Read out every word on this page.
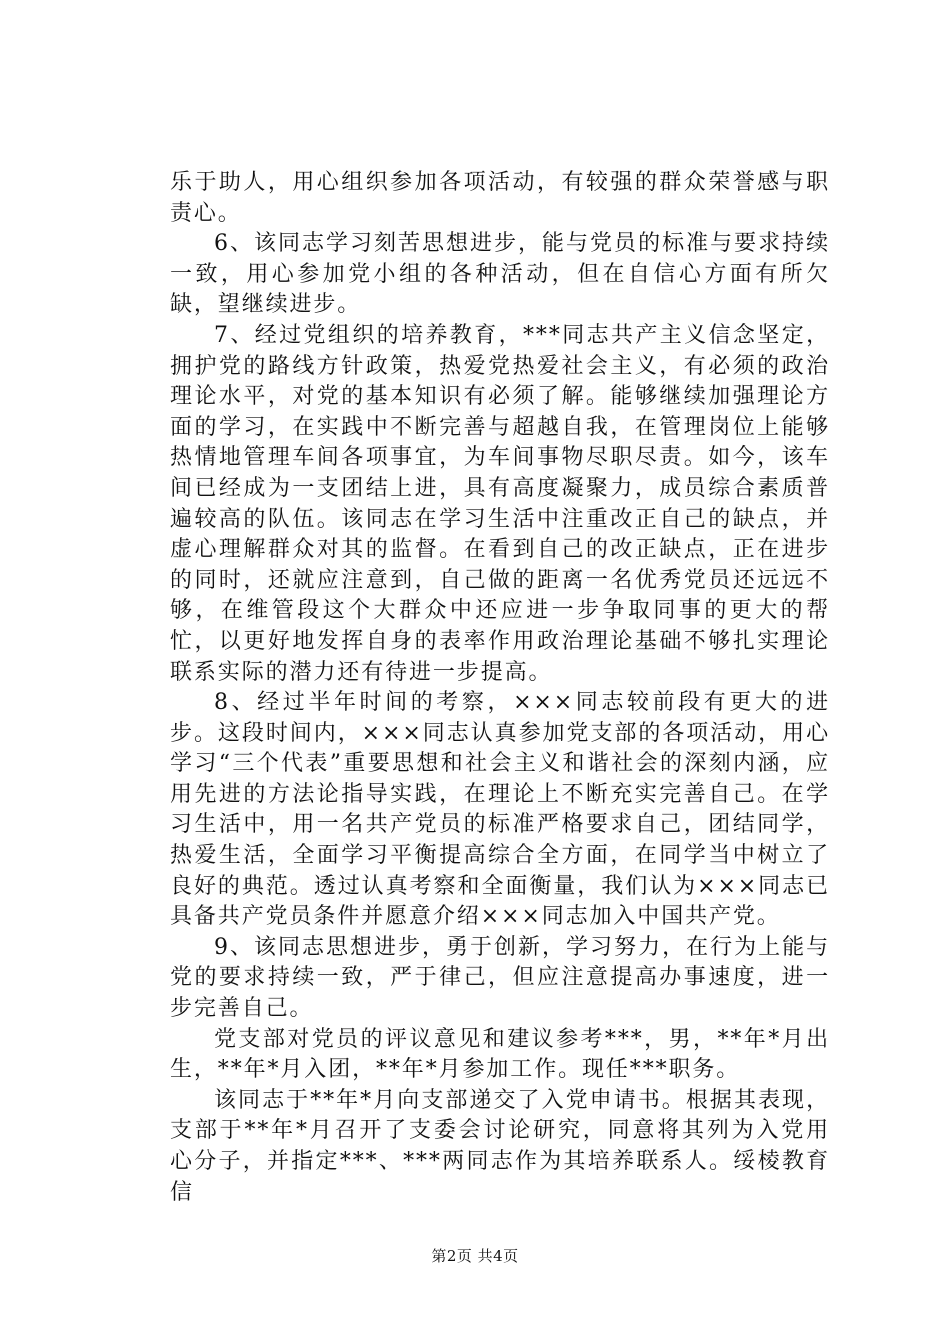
乐于助人，用心组织参加各项活动，有较强的群众荣誉感与职责心。

6、该同志学习刻苦思想进步，能与党员的标准与要求持续一致，用心参加党小组的各种活动，但在自信心方面有所欠缺，望继续进步。

7、经过党组织的培养教育，***同志共产主义信念坚定，拥护党的路线方针政策，热爱党热爱社会主义，有必须的政治理论水平，对党的基本知识有必须了解。能够继续加强理论方面的学习，在实践中不断完善与超越自我，在管理岗位上能够热情地管理车间各项事宜，为车间事物尽职尽责。如今，该车间已经成为一支团结上进，具有高度凝聚力，成员综合素质普遍较高的队伍。该同志在学习生活中注重改正自己的缺点，并虚心理解群众对其的监督。在看到自己的改正缺点，正在进步的同时，还就应注意到，自己做的距离一名优秀党员还远远不够，在维管段这个大群众中还应进一步争取同事的更大的帮忙，以更好地发挥自身的表率作用政治理论基础不够扎实理论联系实际的潜力还有待进一步提高。

8、经过半年时间的考察，×××同志较前段有更大的进步。这段时间内，×××同志认真参加党支部的各项活动，用心学习“三个代表”重要思想和社会主义和谐社会的深刻内涵，应用先进的方法论指导实践，在理论上不断充实完善自己。在学习生活中，用一名共产党员的标准严格要求自己，团结同学，热爱生活，全面学习平衡提高综合全方面，在同学当中树立了良好的典范。透过认真考察和全面衡量，我们认为×××同志已具备共产党员条件并愿意介绍×××同志加入中国共产党。

9、该同志思想进步，勇于创新，学习努力，在行为上能与党的要求持续一致，严于律己，但应注意提高办事速度，进一步完善自己。

党支部对党员的评议意见和建议参考***，男，**年*月出生，**年*月入团，**年*月参加工作。现任***职务。

该同志于**年*月向支部递交了入党申请书。根据其表现，支部于**年*月召开了支委会讨论研究，同意将其列为入党用心分子，并指定***、***两同志作为其培养联系人。绥棱教育信

第2页 共4页
